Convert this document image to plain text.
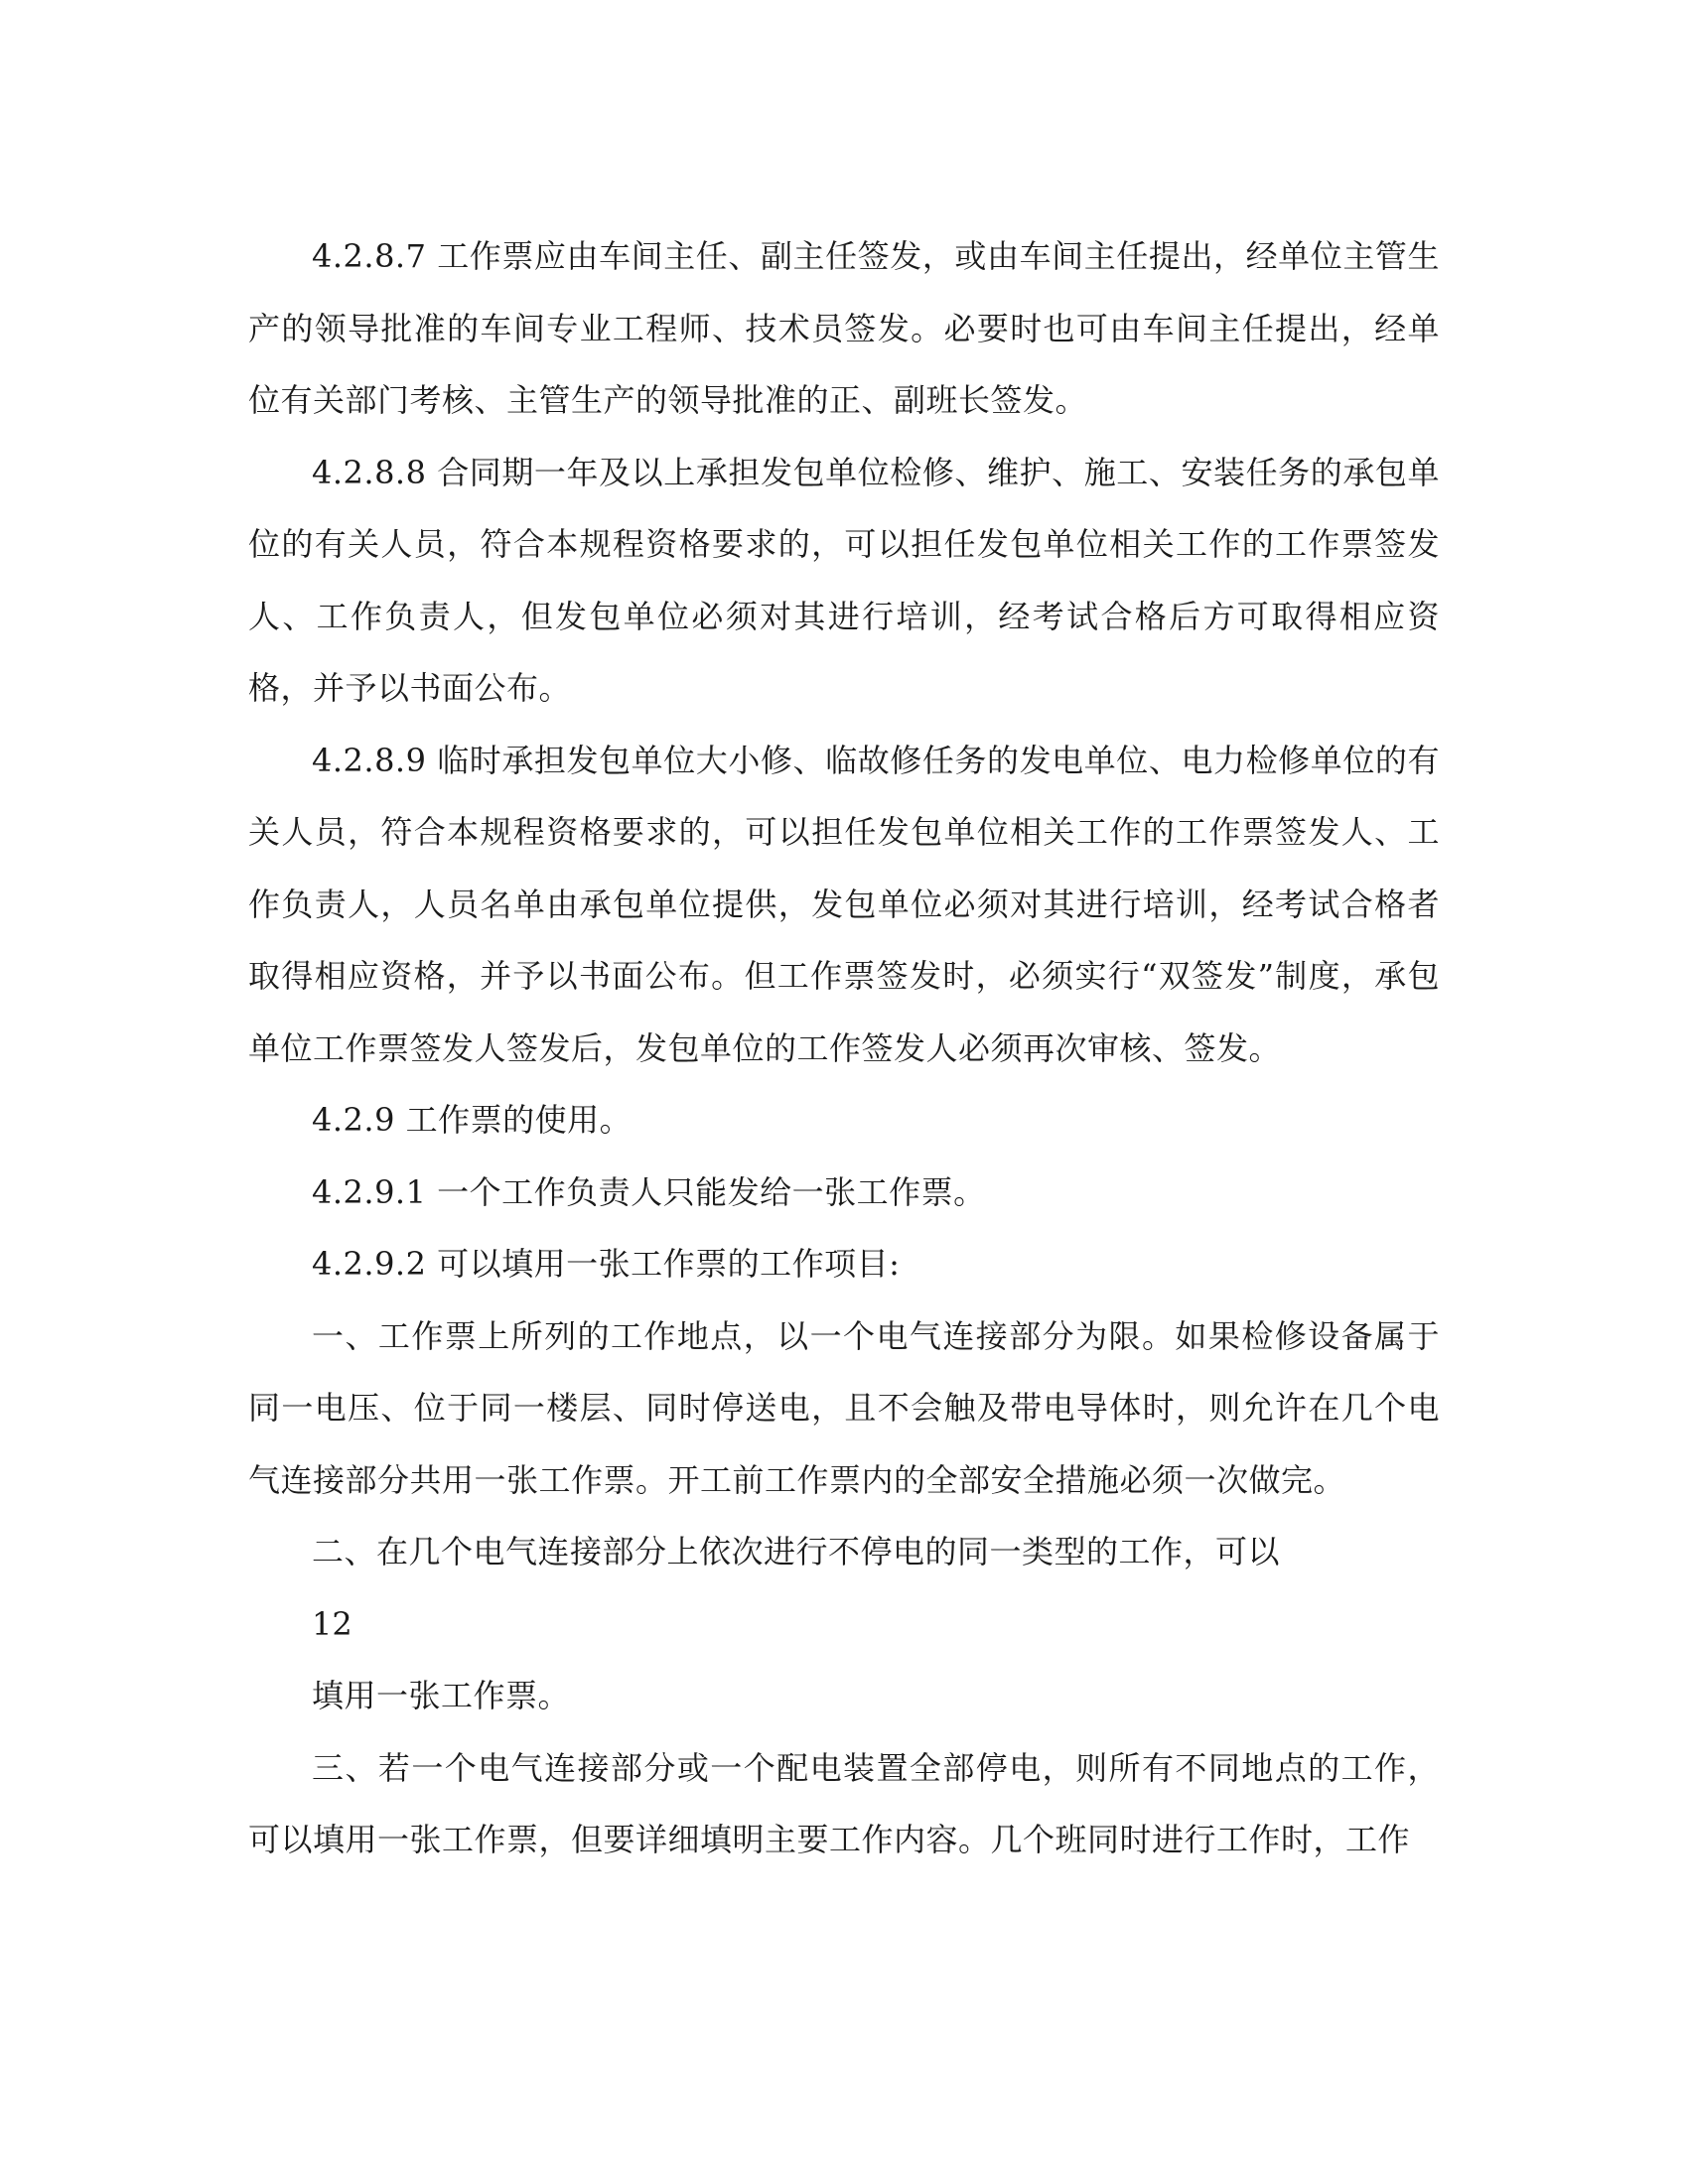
4.2.8.7 工作票应由车间主任、副主任签发，或由车间主任提出，经单位主管生产的领导批准的车间专业工程师、技术员签发。必要时也可由车间主任提出，经单位有关部门考核、主管生产的领导批准的正、副班长签发。

4.2.8.8 合同期一年及以上承担发包单位检修、维护、施工、安装任务的承包单位的有关人员，符合本规程资格要求的，可以担任发包单位相关工作的工作票签发人、工作负责人，但发包单位必须对其进行培训，经考试合格后方可取得相应资格，并予以书面公布。

4.2.8.9 临时承担发包单位大小修、临故修任务的发电单位、电力检修单位的有关人员，符合本规程资格要求的，可以担任发包单位相关工作的工作票签发人、工作负责人，人员名单由承包单位提供，发包单位必须对其进行培训，经考试合格者取得相应资格，并予以书面公布。但工作票签发时，必须实行“双签发”制度，承包单位工作票签发人签发后，发包单位的工作签发人必须再次审核、签发。

4.2.9 工作票的使用。

4.2.9.1 一个工作负责人只能发给一张工作票。

4.2.9.2 可以填用一张工作票的工作项目:

一、工作票上所列的工作地点，以一个电气连接部分为限。如果检修设备属于同一电压、位于同一楼层、同时停送电，且不会触及带电导体时，则允许在几个电气连接部分共用一张工作票。开工前工作票内的全部安全措施必须一次做完。

二、在几个电气连接部分上依次进行不停电的同一类型的工作，可以

12

填用一张工作票。

三、若一个电气连接部分或一个配电装置全部停电，则所有不同地点的工作，可以填用一张工作票，但要详细填明主要工作内容。几个班同时进行工作时，工作
